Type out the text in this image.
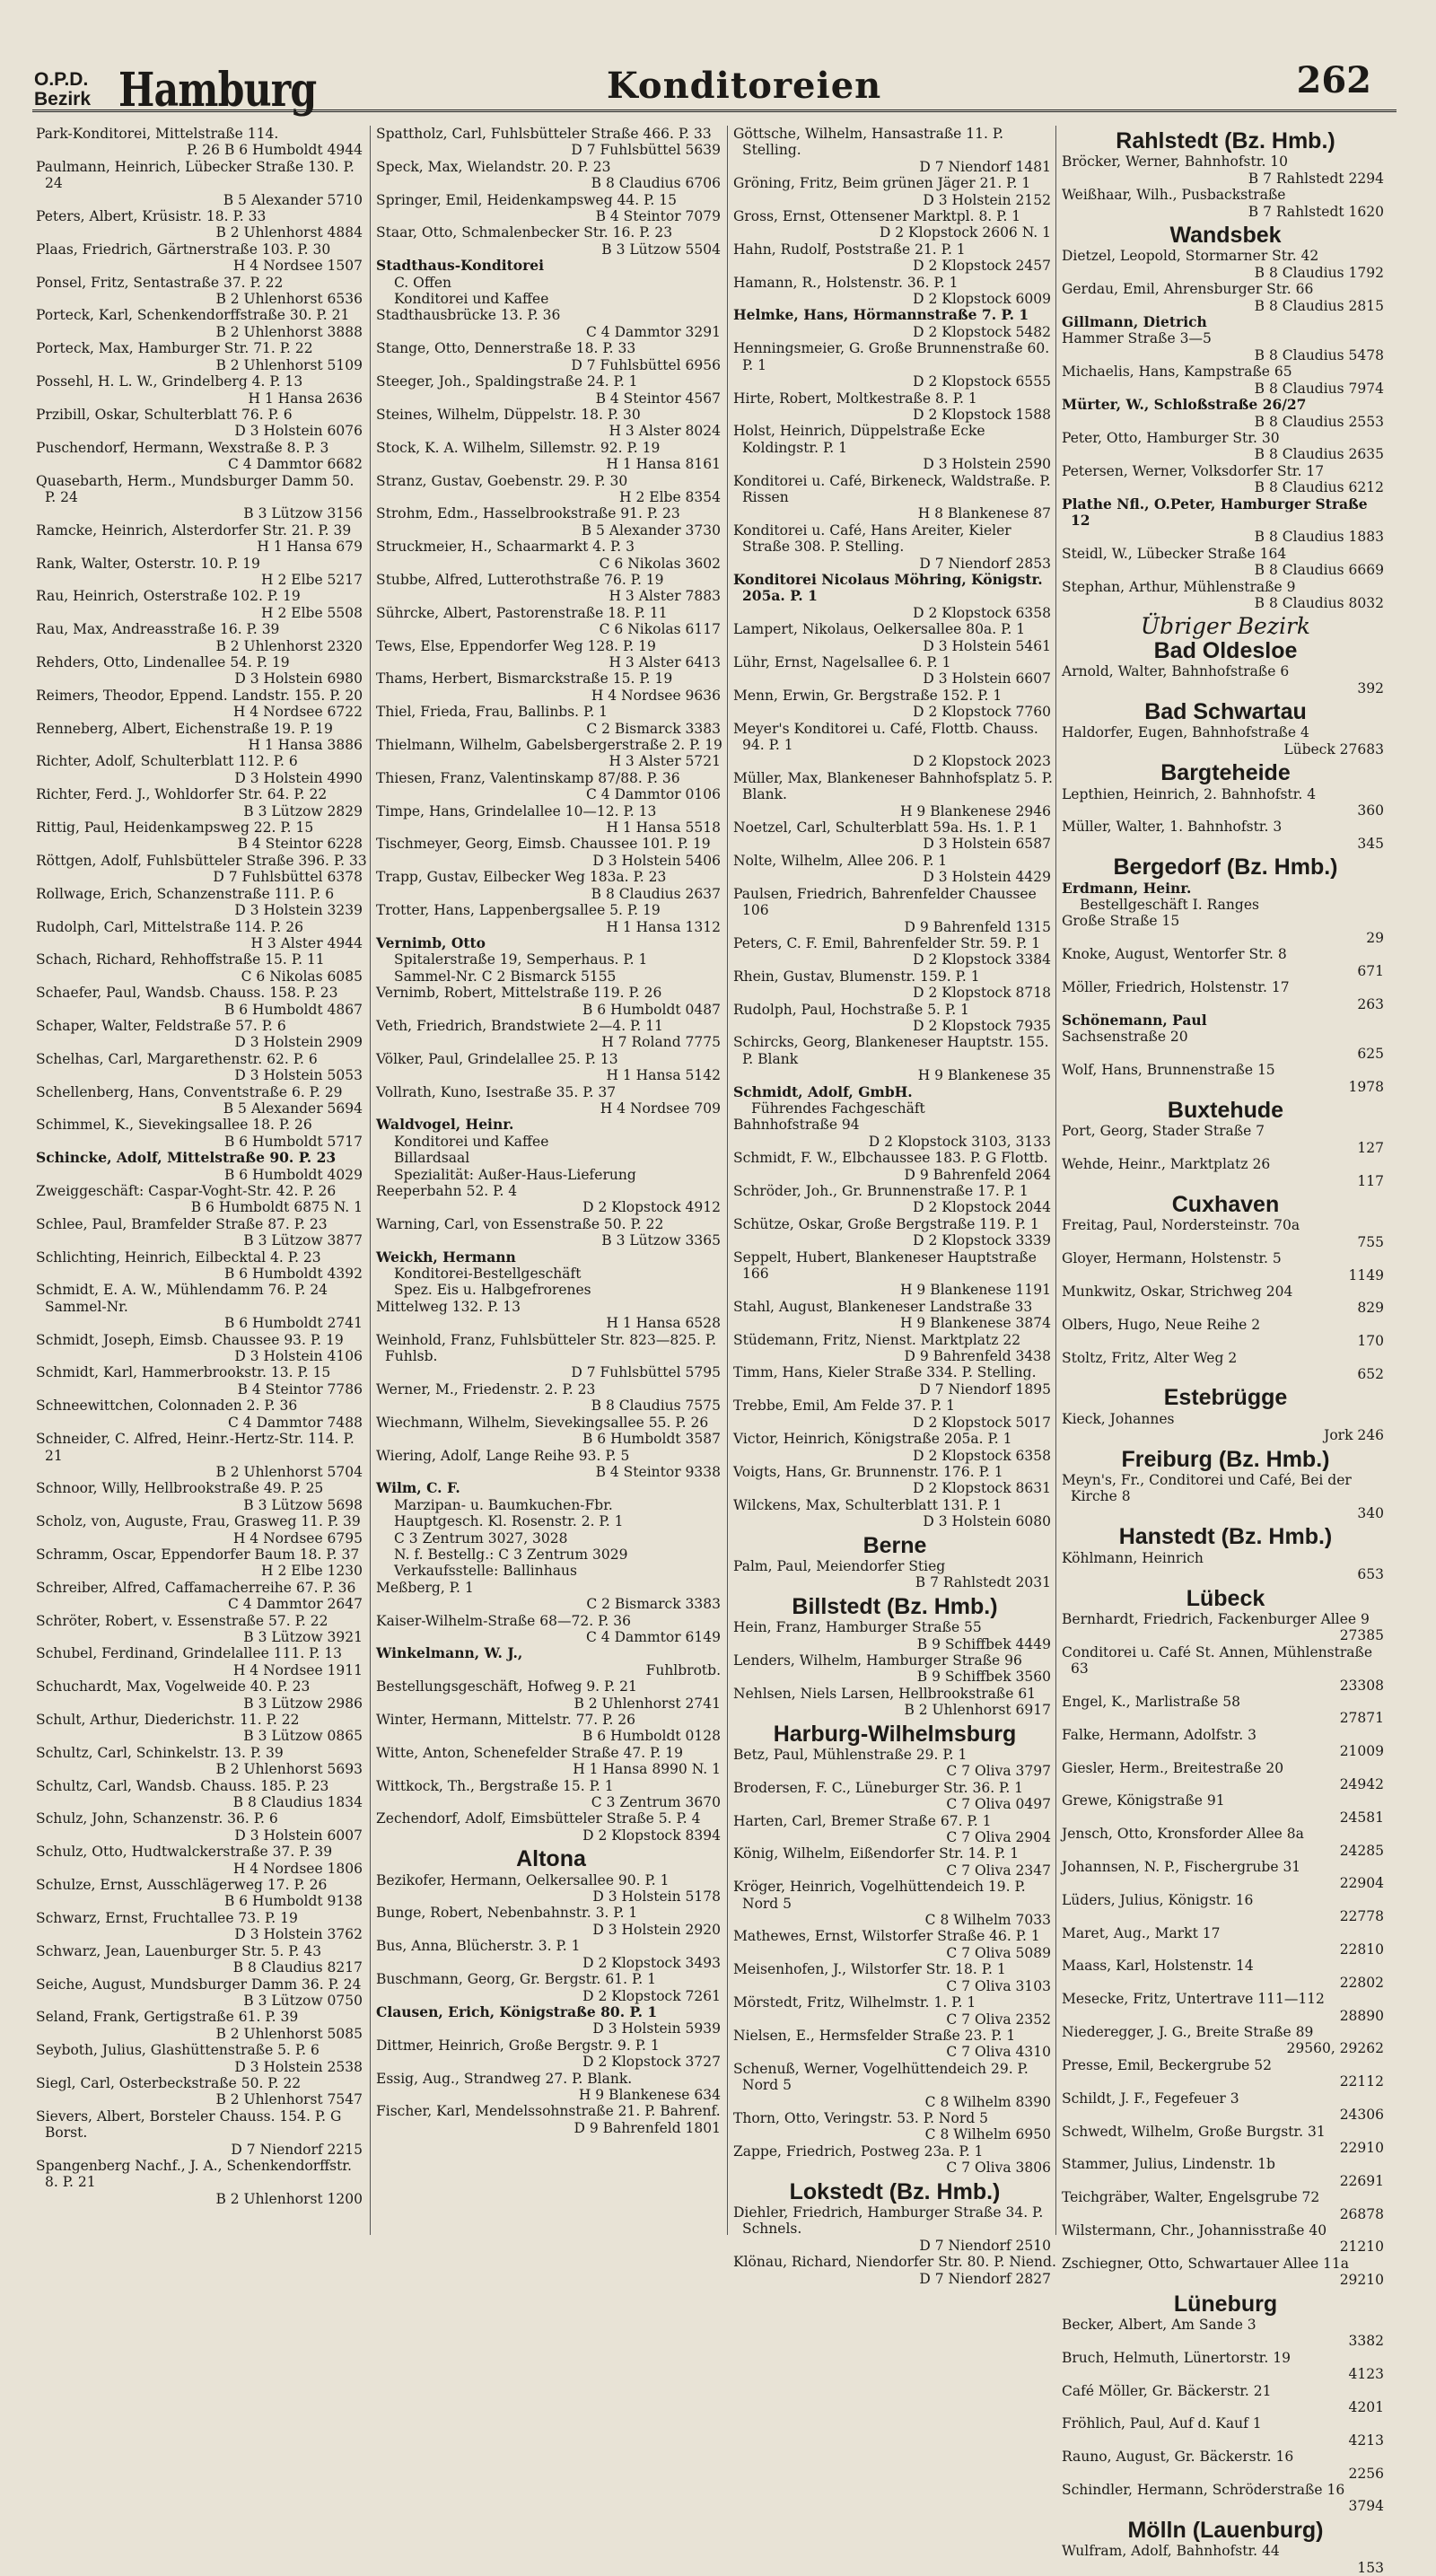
O.P.D.
Bezirk Hamburg	Konditoreien	262
Park-Konditorei, Mittelstraße 114.
P. 26 B 6 Humboldt 4944
Paulmann, Heinrich, Lübecker Straße 130. P. 24
B 5 Alexander 5710
Peters, Albert, Krüsistr. 18. P. 33
B 2 Uhlenhorst 4884
Plaas, Friedrich, Gärtnerstraße 103. P. 30
H 4 Nordsee 1507
Ponsel, Fritz, Sentastraße 37. P. 22
B 2 Uhlenhorst 6536
Porteck, Karl, Schenkendorffstraße 30. P. 21
B 2 Uhlenhorst 3888
Porteck, Max, Hamburger Str. 71. P. 22
B 2 Uhlenhorst 5109
Possehl, H. L. W., Grindelberg 4. P. 13
H 1 Hansa 2636
Przibill, Oskar, Schulterblatt 76. P. 6
D 3 Holstein 6076
Puschendorf, Hermann, Wexstraße 8. P. 3
C 4 Dammtor 6682
Quasebarth, Herm., Mundsburger Damm 50. P. 24
B 3 Lützow 3156
Ramcke, Heinrich, Alsterdorfer Str. 21. P. 39
H 1 Hansa 679
Rank, Walter, Osterstr. 10. P. 19
H 2 Elbe 5217
Rau, Heinrich, Osterstraße 102. P. 19
H 2 Elbe 5508
Rau, Max, Andreasstraße 16. P. 39
B 2 Uhlenhorst 2320
Rehders, Otto, Lindenallee 54. P. 19
D 3 Holstein 6980
Reimers, Theodor, Eppend. Landstr. 155. P. 20
H 4 Nordsee 6722
Renneberg, Albert, Eichenstraße 19. P. 19
H 1 Hansa 3886
Richter, Adolf, Schulterblatt 112. P. 6
D 3 Holstein 4990
Richter, Ferd. J., Wohldorfer Str. 64. P. 22
B 3 Lützow 2829
Rittig, Paul, Heidenkampsweg 22. P. 15
B 4 Steintor 6228
Röttgen, Adolf, Fuhlsbütteler Straße 396. P. 33
D 7 Fuhlsbüttel 6378
Rollwage, Erich, Schanzenstraße 111. P. 6
D 3 Holstein 3239
Rudolph, Carl, Mittelstraße 114. P. 26
H 3 Alster 4944
Schach, Richard, Rehhoffstraße 15. P. 11
C 6 Nikolas 6085
Schaefer, Paul, Wandsb. Chauss. 158. P. 23
B 6 Humboldt 4867
Schaper, Walter, Feldstraße 57. P. 6
D 3 Holstein 2909
Schelhas, Carl, Margarethenstr. 62. P. 6
D 3 Holstein 5053
Schellenberg, Hans, Conventstraße 6. P. 29
B 5 Alexander 5694
Schimmel, K., Sievekingsallee 18. P. 26
B 6 Humboldt 5717
Schincke, Adolf, Mittelstraße 90. P. 23
B 6 Humboldt 4029
Zweiggeschäft: Caspar-Voght-Str. 42. P. 26
B 6 Humboldt 6875 N. 1
Schlee, Paul, Bramfelder Straße 87. P. 23
B 3 Lützow 3877
Schlichting, Heinrich, Eilbecktal 4. P. 23
B 6 Humboldt 4392
Schmidt, E. A. W., Mühlendamm 76. P. 24 Sammel-Nr.
B 6 Humboldt 2741
Schmidt, Joseph, Eimsb. Chaussee 93. P. 19
D 3 Holstein 4106
Schmidt, Karl, Hammerbrookstr. 13. P. 15
B 4 Steintor 7786
Schneewittchen, Colonnaden 2. P. 36
C 4 Dammtor 7488
Schneider, C. Alfred, Heinr.-Hertz-Str. 114. P. 21
B 2 Uhlenhorst 5704
Schnoor, Willy, Hellbrookstraße 49. P. 25
B 3 Lützow 5698
Scholz, von, Auguste, Frau, Grasweg 11. P. 39
H 4 Nordsee 6795
Schramm, Oscar, Eppendorfer Baum 18. P. 37
H 2 Elbe 1230
Schreiber, Alfred, Caffamacherreihe 67. P. 36
C 4 Dammtor 2647
Schröter, Robert, v. Essenstraße 57. P. 22
B 3 Lützow 3921
Schubel, Ferdinand, Grindelallee 111. P. 13
H 4 Nordsee 1911
Schuchardt, Max, Vogelweide 40. P. 23
B 3 Lützow 2986
Schult, Arthur, Diederichstr. 11. P. 22
B 3 Lützow 0865
Schultz, Carl, Schinkelstr. 13. P. 39
B 2 Uhlenhorst 5693
Schultz, Carl, Wandsb. Chauss. 185. P. 23
B 8 Claudius 1834
Schulz, John, Schanzenstr. 36. P. 6
D 3 Holstein 6007
Schulz, Otto, Hudtwalckerstraße 37. P. 39
H 4 Nordsee 1806
Schulze, Ernst, Ausschlägerweg 17. P. 26
B 6 Humboldt 9138
Schwarz, Ernst, Fruchtallee 73. P. 19
D 3 Holstein 3762
Schwarz, Jean, Lauenburger Str. 5. P. 43
B 8 Claudius 8217
Seiche, August, Mundsburger Damm 36. P. 24
B 3 Lützow 0750
Seland, Frank, Gertigstraße 61. P. 39
B 2 Uhlenhorst 5085
Seyboth, Julius, Glashüttenstraße 5. P. 6
D 3 Holstein 2538
Siegl, Carl, Osterbeckstraße 50. P. 22
B 2 Uhlenhorst 7547
Sievers, Albert, Borsteler Chauss. 154. P. G Borst.
D 7 Niendorf 2215
Spangenberg Nachf., J. A., Schenkendorffstr. 8. P. 21
B 2 Uhlenhorst 1200
Spattholz, Carl, Fuhlsbütteler Straße 466. P. 33
D 7 Fuhlsbüttel 5639
Speck, Max, Wielandstr. 20. P. 23
B 8 Claudius 6706
Springer, Emil, Heidenkampsweg 44. P. 15
B 4 Steintor 7079
Staar, Otto, Schmalenbecker Str. 16. P. 23
B 3 Lützow 5504
Stadthaus-Konditorei
C. Offen
Konditorei und Kaffee
Stadthausbrücke 13. P. 36
C 4 Dammtor 3291
Stange, Otto, Dennerstraße 18. P. 33
D 7 Fuhlsbüttel 6956
Steeger, Joh., Spaldingstraße 24. P. 1
B 4 Steintor 4567
Steines, Wilhelm, Düppelstr. 18. P. 30
H 3 Alster 8024
Stock, K. A. Wilhelm, Sillemstr. 92. P. 19
H 1 Hansa 8161
Stranz, Gustav, Goebenstr. 29. P. 30
H 2 Elbe 8354
Strohm, Edm., Hasselbrookstraße 91. P. 23
B 5 Alexander 3730
Struckmeier, H., Schaarmarkt 4. P. 3
C 6 Nikolas 3602
Stubbe, Alfred, Lutterothstraße 76. P. 19
H 3 Alster 7883
Sührcke, Albert, Pastorenstraße 18. P. 11
C 6 Nikolas 6117
Tews, Else, Eppendorfer Weg 128. P. 19
H 3 Alster 6413
Thams, Herbert, Bismarckstraße 15. P. 19
H 4 Nordsee 9636
Thiel, Frieda, Frau, Ballinbs. P. 1
C 2 Bismarck 3383
Thielmann, Wilhelm, Gabelsbergerstraße 2. P. 19
H 3 Alster 5721
Thiesen, Franz, Valentinskamp 87/88. P. 36
C 4 Dammtor 0106
Timpe, Hans, Grindelallee 10—12. P. 13
H 1 Hansa 5518
Tischmeyer, Georg, Eimsb. Chaussee 101. P. 19
D 3 Holstein 5406
Trapp, Gustav, Eilbecker Weg 183a. P. 23
B 8 Claudius 2637
Trotter, Hans, Lappenbergsallee 5. P. 19
H 1 Hansa 1312
Vernimb, Otto
Spitalerstraße 19, Semperhaus. P. 1
Sammel-Nr. C 2 Bismarck 5155
Vernimb, Robert, Mittelstraße 119. P. 26
B 6 Humboldt 0487
Veth, Friedrich, Brandstwiete 2—4. P. 11
H 7 Roland 7775
Völker, Paul, Grindelallee 25. P. 13
H 1 Hansa 5142
Vollrath, Kuno, Isestraße 35. P. 37
H 4 Nordsee 709
Waldvogel, Heinr.
Konditorei und Kaffee
Billardsaal
Spezialität: Außer-Haus-Lieferung
Reeperbahn 52. P. 4
D 2 Klopstock 4912
Warning, Carl, von Essenstraße 50. P. 22
B 3 Lützow 3365
Weickh, Hermann
Konditorei-Bestellgeschäft
Spez. Eis u. Halbgefrorenes
Mittelweg 132. P. 13
H 1 Hansa 6528
Weinhold, Franz, Fuhlsbütteler Str. 823—825. P. Fuhlsb.
D 7 Fuhlsbüttel 5795
Werner, M., Friedenstr. 2. P. 23
B 8 Claudius 7575
Wiechmann, Wilhelm, Sievekingsallee 55. P. 26
B 6 Humboldt 3587
Wiering, Adolf, Lange Reihe 93. P. 5
B 4 Steintor 9338
Wilm, C. F.
Marzipan- u. Baumkuchen-Fbr.
Hauptgesch. Kl. Rosenstr. 2. P. 1
C 3 Zentrum 3027, 3028
N. f. Bestellg.: C 3 Zentrum 3029
Verkaufsstelle: Ballinhaus
Meßberg, P. 1
C 2 Bismarck 3383
Kaiser-Wilhelm-Straße 68—72. P. 36
C 4 Dammtor 6149
Winkelmann, W. J.,
Fuhlbrotb.
Bestellungsgeschäft, Hofweg 9. P. 21
B 2 Uhlenhorst 2741
Winter, Hermann, Mittelstr. 77. P. 26
B 6 Humboldt 0128
Witte, Anton, Schenefelder Straße 47. P. 19
H 1 Hansa 8990 N. 1
Wittkock, Th., Bergstraße 15. P. 1
C 3 Zentrum 3670
Zechendorf, Adolf, Eimsbütteler Straße 5. P. 4
D 2 Klopstock 8394
Altona
Bezikofer, Hermann, Oelkersallee 90. P. 1
D 3 Holstein 5178
Bunge, Robert, Nebenbahnstr. 3. P. 1
D 3 Holstein 2920
Bus, Anna, Blücherstr. 3. P. 1
D 2 Klopstock 3493
Buschmann, Georg, Gr. Bergstr. 61. P. 1
D 2 Klopstock 7261
Clausen, Erich, Königstraße 80. P. 1
D 3 Holstein 5939
Dittmer, Heinrich, Große Bergstr. 9. P. 1
D 2 Klopstock 3727
Essig, Aug., Strandweg 27. P. Blank.
H 9 Blankenese 634
Fischer, Karl, Mendelssohnstraße 21. P. Bahrenf.
D 9 Bahrenfeld 1801
Göttsche, Wilhelm, Hansastraße 11. P. Stelling.
D 7 Niendorf 1481
Gröning, Fritz, Beim grünen Jäger 21. P. 1
D 3 Holstein 2152
Gross, Ernst, Ottensener Marktpl. 8. P. 1
D 2 Klopstock 2606 N. 1
Hahn, Rudolf, Poststraße 21. P. 1
D 2 Klopstock 2457
Hamann, R., Holstenstr. 36. P. 1
D 2 Klopstock 6009
Helmke, Hans, Hörmannstraße 7. P. 1
D 2 Klopstock 5482
Henningsmeier, G. Große Brunnenstraße 60. P. 1
D 2 Klopstock 6555
Hirte, Robert, Moltkestraße 8. P. 1
D 2 Klopstock 1588
Holst, Heinrich, Düppelstraße Ecke Koldingstr. P. 1
D 3 Holstein 2590
Konditorei u. Café, Birkeneck, Waldstraße. P. Rissen
H 8 Blankenese 87
Konditorei u. Café, Hans Areiter, Kieler Straße 308. P. Stelling.
D 7 Niendorf 2853
Konditorei Nicolaus Möhring, Königstr. 205a. P. 1
D 2 Klopstock 6358
Lampert, Nikolaus, Oelkersallee 80a. P. 1
D 3 Holstein 5461
Lühr, Ernst, Nagelsallee 6. P. 1
D 3 Holstein 6607
Menn, Erwin, Gr. Bergstraße 152. P. 1
D 2 Klopstock 7760
Meyer's Konditorei u. Café, Flottb. Chauss. 94. P. 1
D 2 Klopstock 2023
Müller, Max, Blankeneser Bahnhofsplatz 5. P. Blank.
H 9 Blankenese 2946
Noetzel, Carl, Schulterblatt 59a. Hs. 1. P. 1
D 3 Holstein 6587
Nolte, Wilhelm, Allee 206. P. 1
D 3 Holstein 4429
Paulsen, Friedrich, Bahrenfelder Chaussee 106
D 9 Bahrenfeld 1315
Peters, C. F. Emil, Bahrenfelder Str. 59. P. 1
D 2 Klopstock 3384
Rhein, Gustav, Blumenstr. 159. P. 1
D 2 Klopstock 8718
Rudolph, Paul, Hochstraße 5. P. 1
D 2 Klopstock 7935
Schircks, Georg, Blankeneser Hauptstr. 155. P. Blank
H 9 Blankenese 35
Schmidt, Adolf, GmbH.
Führendes Fachgeschäft
Bahnhofstraße 94
D 2 Klopstock 3103, 3133
Schmidt, F. W., Elbchaussee 183. P. G Flottb.
D 9 Bahrenfeld 2064
Schröder, Joh., Gr. Brunnenstraße 17. P. 1
D 2 Klopstock 2044
Schütze, Oskar, Große Bergstraße 119. P. 1
D 2 Klopstock 3339
Seppelt, Hubert, Blankeneser Hauptstraße 166
H 9 Blankenese 1191
Stahl, August, Blankeneser Landstraße 33
H 9 Blankenese 3874
Stüdemann, Fritz, Nienst. Marktplatz 22
D 9 Bahrenfeld 3438
Timm, Hans, Kieler Straße 334. P. Stelling.
D 7 Niendorf 1895
Trebbe, Emil, Am Felde 37. P. 1
D 2 Klopstock 5017
Victor, Heinrich, Königstraße 205a. P. 1
D 2 Klopstock 6358
Voigts, Hans, Gr. Brunnenstr. 176. P. 1
D 2 Klopstock 8631
Wilckens, Max, Schulterblatt 131. P. 1
D 3 Holstein 6080
Berne
Palm, Paul, Meiendorfer Stieg
B 7 Rahlstedt 2031
Billstedt (Bz. Hmb.)
Hein, Franz, Hamburger Straße 55
B 9 Schiffbek 4449
Lenders, Wilhelm, Hamburger Straße 96
B 9 Schiffbek 3560
Nehlsen, Niels Larsen, Hellbrookstraße 61
B 2 Uhlenhorst 6917
Harburg-Wilhelmsburg
Betz, Paul, Mühlenstraße 29. P. 1
C 7 Oliva 3797
Brodersen, F. C., Lüneburger Str. 36. P. 1
C 7 Oliva 0497
Harten, Carl, Bremer Straße 67. P. 1
C 7 Oliva 2904
König, Wilhelm, Eißendorfer Str. 14. P. 1
C 7 Oliva 2347
Kröger, Heinrich, Vogelhüttendeich 19. P. Nord 5
C 8 Wilhelm 7033
Mathewes, Ernst, Wilstorfer Straße 46. P. 1
C 7 Oliva 5089
Meisenhofen, J., Wilstorfer Str. 18. P. 1
C 7 Oliva 3103
Mörstedt, Fritz, Wilhelmstr. 1. P. 1
C 7 Oliva 2352
Nielsen, E., Hermsfelder Straße 23. P. 1
C 7 Oliva 4310
Schenuß, Werner, Vogelhüttendeich 29. P. Nord 5
C 8 Wilhelm 8390
Thorn, Otto, Veringstr. 53. P. Nord 5
C 8 Wilhelm 6950
Zappe, Friedrich, Postweg 23a. P. 1
C 7 Oliva 3806
Lokstedt (Bz. Hmb.)
Diehler, Friedrich, Hamburger Straße 34. P. Schnels.
D 7 Niendorf 2510
Klönau, Richard, Niendorfer Str. 80. P. Niend.
D 7 Niendorf 2827
Rahlstedt (Bz. Hmb.)
Bröcker, Werner, Bahnhofstr. 10
B 7 Rahlstedt 2294
Weißhaar, Wilh., Pusbackstraße
B 7 Rahlstedt 1620
Wandsbek
Dietzel, Leopold, Stormarner Str. 42
B 8 Claudius 1792
Gerdau, Emil, Ahrensburger Str. 66
B 8 Claudius 2815
Gillmann, Dietrich
Hammer Straße 3—5
B 8 Claudius 5478
Michaelis, Hans, Kampstraße 65
B 8 Claudius 7974
Mürter, W., Schloßstraße 26/27
B 8 Claudius 2553
Peter, Otto, Hamburger Str. 30
B 8 Claudius 2635
Petersen, Werner, Volksdorfer Str. 17
B 8 Claudius 6212
Plathe Nfl., O.Peter, Hamburger Straße 12
B 8 Claudius 1883
Steidl, W., Lübecker Straße 164
B 8 Claudius 6669
Stephan, Arthur, Mühlenstraße 9
B 8 Claudius 8032
Übriger Bezirk
Bad Oldesloe
Arnold, Walter, Bahnhofstraße 6
392
Bad Schwartau
Haldorfer, Eugen, Bahnhofstraße 4
Lübeck 27683
Bargteheide
Lepthien, Heinrich, 2. Bahnhofstr. 4
360
Müller, Walter, 1. Bahnhofstr. 3
345
Bergedorf (Bz. Hmb.)
Erdmann, Heinr.
Bestellgeschäft I. Ranges
Große Straße 15
29
Knoke, August, Wentorfer Str. 8
671
Möller, Friedrich, Holstenstr. 17
263
Schönemann, Paul
Sachsenstraße 20
625
Wolf, Hans, Brunnenstraße 15
1978
Buxtehude
Port, Georg, Stader Straße 7
127
Wehde, Heinr., Marktplatz 26
117
Cuxhaven
Freitag, Paul, Nordersteinstr. 70a
755
Gloyer, Hermann, Holstenstr. 5
1149
Munkwitz, Oskar, Strichweg 204
829
Olbers, Hugo, Neue Reihe 2
170
Stoltz, Fritz, Alter Weg 2
652
Estebrügge
Kieck, Johannes
Jork 246
Freiburg (Bz. Hmb.)
Meyn's, Fr., Conditorei und Café, Bei der Kirche 8
340
Hanstedt (Bz. Hmb.)
Köhlmann, Heinrich
653
Lübeck
Bernhardt, Friedrich, Fackenburger Allee 9
27385
Conditorei u. Café St. Annen, Mühlenstraße 63
23308
Engel, K., Marlistraße 58
27871
Falke, Hermann, Adolfstr. 3
21009
Giesler, Herm., Breitestraße 20
24942
Grewe, Königstraße 91
24581
Jensch, Otto, Kronsforder Allee 8a
24285
Johannsen, N. P., Fischergrube 31
22904
Lüders, Julius, Königstr. 16
22778
Maret, Aug., Markt 17
22810
Maass, Karl, Holstenstr. 14
22802
Mesecke, Fritz, Untertrave 111—112
28890
Niederegger, J. G., Breite Straße 89
29560, 29262
Presse, Emil, Beckergrube 52
22112
Schildt, J. F., Fegefeuer 3
24306
Schwedt, Wilhelm, Große Burgstr. 31
22910
Stammer, Julius, Lindenstr. 1b
22691
Teichgräber, Walter, Engelsgrube 72
26878
Wilstermann, Chr., Johannisstraße 40
21210
Zschiegner, Otto, Schwartauer Allee 11a
29210
Lüneburg
Becker, Albert, Am Sande 3
3382
Bruch, Helmuth, Lünertorstr. 19
4123
Café Möller, Gr. Bäckerstr. 21
4201
Fröhlich, Paul, Auf d. Kauf 1
4213
Rauno, August, Gr. Bäckerstr. 16
2256
Schindler, Hermann, Schröderstraße 16
3794
Mölln (Lauenburg)
Wulfram, Adolf, Bahnhofstr. 44
153
